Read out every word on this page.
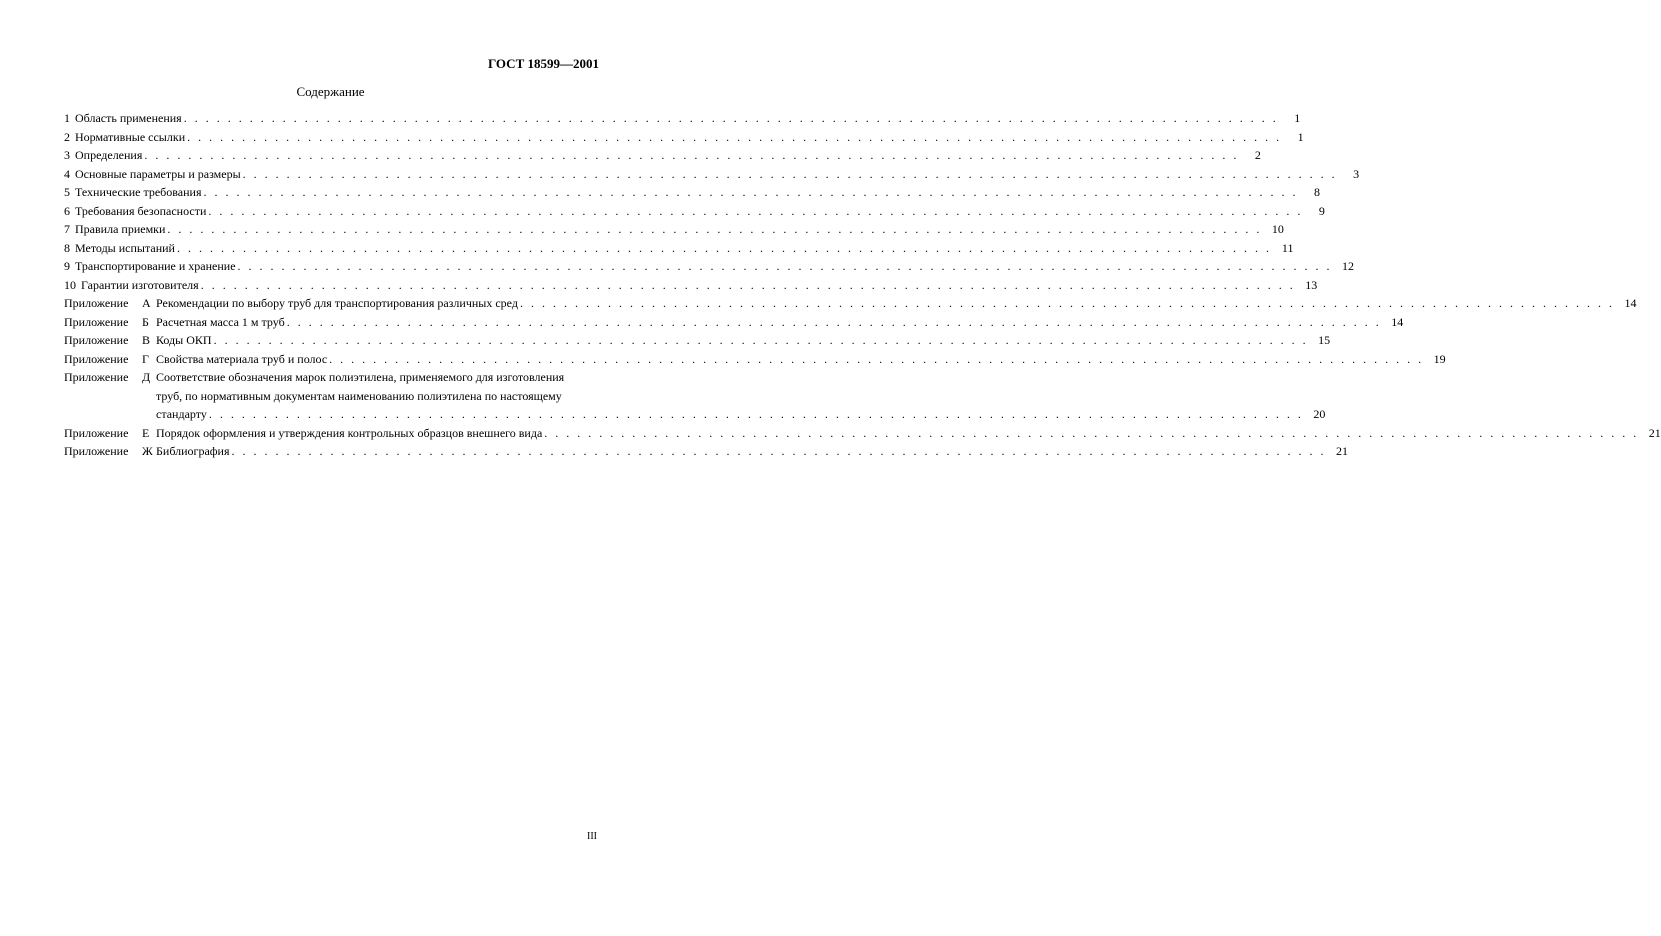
ГОСТ 18599—2001
Содержание
1 Область применения . . .	1
2 Нормативные ссылки . . .	1
3 Определения . . .	2
4 Основные параметры и размеры . . .	3
5 Технические требования . . .	8
6 Требования безопасности . . .	9
7 Правила приемки . . .	10
8 Методы испытаний . . .	11
9 Транспортирование и хранение . . .	12
10 Гарантии изготовителя . . .	13
Приложение	А Рекомендации по выбору труб для транспортирования различных сред . . .	14
Приложение	Б Расчетная масса 1 м труб . . .	14
Приложение	В Коды ОКП . . .	15
Приложение	Г Свойства материала труб и полос . . .	19
Приложение	Д Соответствие обозначения марок полиэтилена, применяемого для изготовления
труб, по нормативным документам наименованию полиэтилена по настоящему
стандарту . . .	20
Приложение	Е Порядок оформления и утверждения контрольных образцов внешнего вида . . .	21
Приложение	Ж Библиография . . .	21
III
